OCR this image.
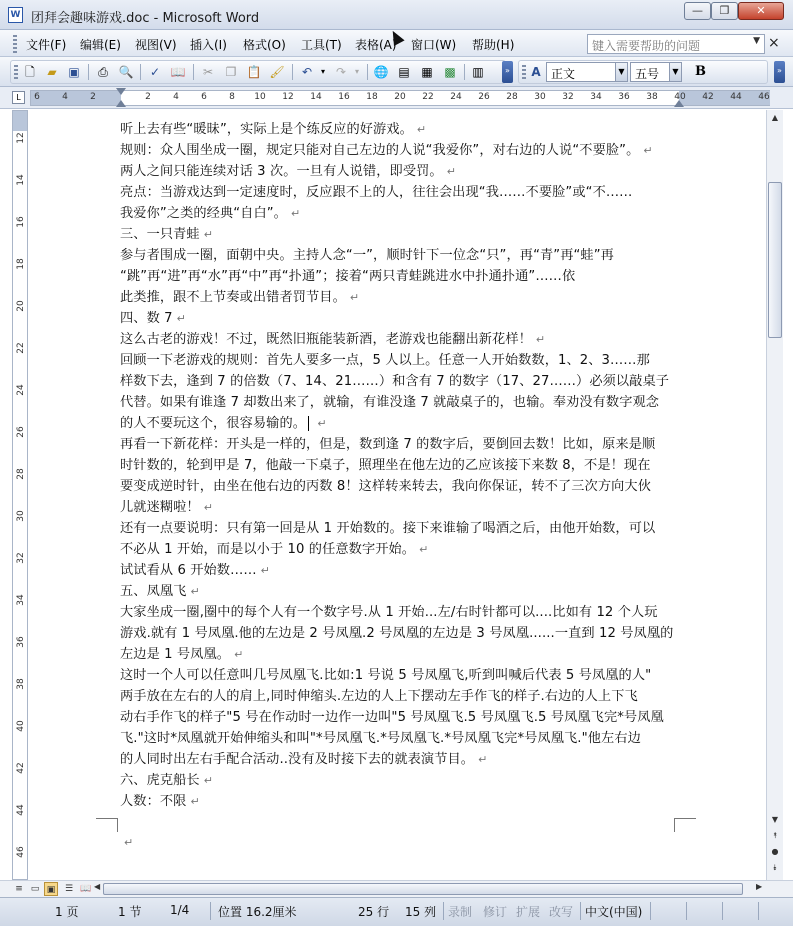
W 团拜会趣味游戏.doc - Microsoft Word
—	❐	✕
文件(F) 编辑(E) 视图(V) 插入(I) 格式(O) 工具(T) 表格(A) 窗口(W) 帮助(H)	键入需要帮助的问题	▼ ×
🗋 ▰ ▣ ⎙ 🔍 ✓ 📖 ✂ ❐ 📋 🖌 ↶	▾ ↷	▾	🌐 ▤ ▦ ▩ ▥	» A 正文	▼ 五号	▼ B	»
L	6 4 2	2 4 6 8 10 12 14 16 18 20 22 24 26 28 30 32 34 36 38 40 42 44 46
12
14
16
18
20
22
24
26
28
30
32
34
36
38
40
42
44
46
听上去有些“暖昧”，实际上是个练反应的好游戏。 ↵
规则：众人围坐成一圈，规定只能对自己左边的人说“我爱你”，对右边的人说“不要脸”。 ↵
两人之间只能连续对话 3 次。一旦有人说错，即受罚。 ↵
亮点：当游戏达到一定速度时，反应跟不上的人，往往会出现“我……不要脸”或“不……
我爱你”之类的经典“自白”。 ↵
三、一只青蛙 ↵
参与者围成一圈，面朝中央。主持人念“一”，顺时针下一位念“只”，再“青”再“蛙”再
“跳”再“进”再“水”再“中”再“扑通”；接着“两只青蛙跳进水中扑通扑通”……依
此类推，跟不上节奏或出错者罚节目。 ↵
四、数 7 ↵
这么古老的游戏！不过，既然旧瓶能装新酒，老游戏也能翻出新花样！ ↵
回顾一下老游戏的规则：首先人要多一点，5 人以上。任意一人开始数数，1、2、3……那
样数下去，逢到 7 的倍数（7、14、21……）和含有 7 的数字（17、27……）必须以敲桌子
代替。如果有谁逢 7 却数出来了，就输，有谁没逢 7 就敲桌子的，也输。奉劝没有数字观念
的人不要玩这个，很容易输的。 ↵
再看一下新花样：开头是一样的，但是，数到逢 7 的数字后，要倒回去数！比如，原来是顺
时针数的，轮到甲是 7，他敲一下桌子，照理坐在他左边的乙应该接下来数 8，不是！现在
要变成逆时针，由坐在他右边的丙数 8！这样转来转去，我向你保证，转不了三次方向大伙
儿就迷糊啦！ ↵
还有一点要说明：只有第一回是从 1 开始数的。接下来谁输了喝酒之后，由他开始数，可以
不必从 1 开始，而是以小于 10 的任意数字开始。 ↵
试试看从 6 开始数…… ↵
五、凤凰飞 ↵
大家坐成一圈,圈中的每个人有一个数字号.从 1 开始...左/右时针都可以....比如有 12 个人玩
游戏.就有 1 号凤凰.他的左边是 2 号凤凰.2 号凤凰的左边是 3 号凤凰......一直到 12 号凤凰的
左边是 1 号凤凰。 ↵
这时一个人可以任意叫几号凤凰飞.比如:1 号说 5 号凤凰飞,听到叫喊后代表 5 号凤凰的人"
两手放在左右的人的肩上,同时伸缩头.左边的人上下摆动左手作飞的样子.右边的人上下飞
动右手作飞的样子"5 号在作动时一边作一边叫"5 号凤凰飞.5 号凤凰飞.5 号凤凰飞完*号凤凰
飞."这时*凤凰就开始伸缩头和叫"*号凤凰飞.*号凤凰飞.*号凤凰飞完*号凤凰飞."他左右边
的人同时出左右手配合活动..没有及时接下去的就表演节目。 ↵
六、虎克船长 ↵
人数：不限 ↵
↵
▲
▼
⯭
●
⯯
≡ ▭ ▣	☰ 📖 ◀	▶
1 页	1 节 1/4 位置 16.2厘米	25 行 15 列 录制 修订 扩展 改写 中文(中国)
